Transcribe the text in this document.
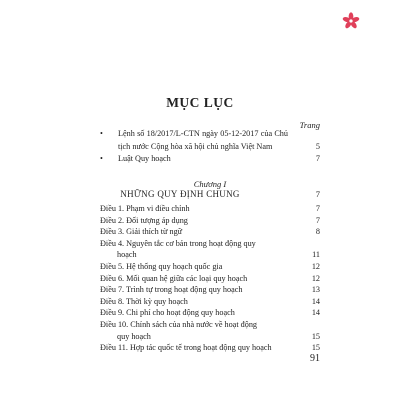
MỤC LỤC
Trang
• Lệnh số 18/2017/L-CTN ngày 05-12-2017 của Chủ tịch nước Cộng hòa xã hội chủ nghĩa Việt Nam	5
• Luật Quy hoạch	7
Chương I
NHỮNG QUY ĐỊNH CHUNG	7
Điều 1. Phạm vi điều chỉnh	7
Điều 2. Đối tượng áp dụng	7
Điều 3. Giải thích từ ngữ	8
Điều 4. Nguyên tắc cơ bản trong hoạt động quy
hoạch	11
Điều 5. Hệ thống quy hoạch quốc gia	12
Điều 6. Mối quan hệ giữa các loại quy hoạch	12
Điều 7. Trình tự trong hoạt động quy hoạch	13
Điều 8. Thời kỳ quy hoạch	14
Điều 9. Chi phí cho hoạt động quy hoạch	14
Điều 10. Chính sách của nhà nước về hoạt động
quy hoạch	15
Điều 11. Hợp tác quốc tế trong hoạt động quy hoạch	15
91
